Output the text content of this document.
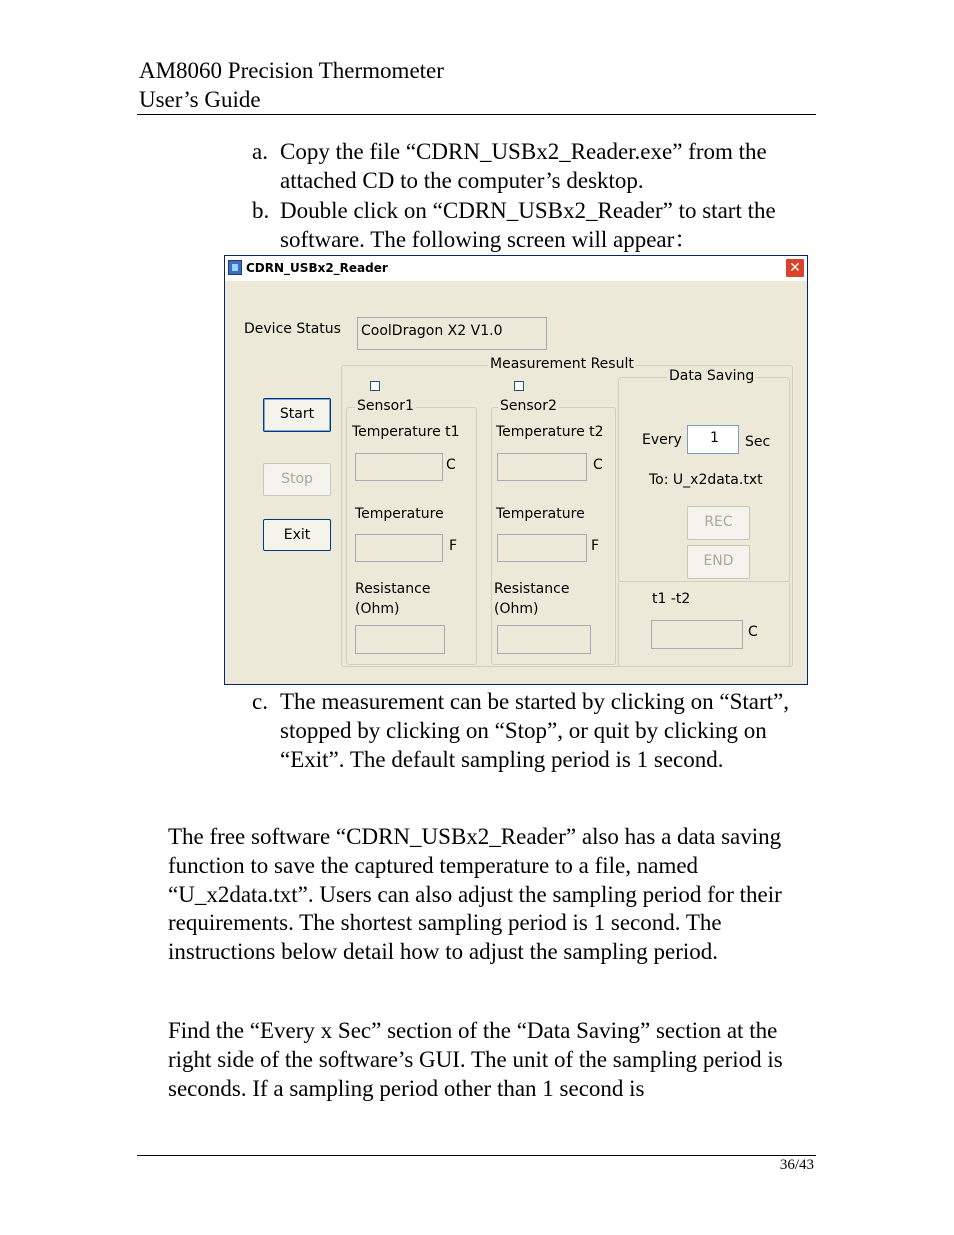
AM8060 Precision Thermometer
User’s Guide
a. Copy the file “CDRN_USBx2_Reader.exe” from the attached CD to the computer’s desktop.
b. Double click on “CDRN_USBx2_Reader” to start the software. The following screen will appear：
CDRN_USBx2_Reader	✕
Device Status CoolDragon X2 V1.0
Start
Stop
Exit
Measurement Result
Sensor1
Temperature t1
C
Temperature
F
Resistance
(Ohm)
Sensor2
Temperature t2
C
Temperature
F
Resistance
(Ohm)
Data Saving
Every 1 Sec
To: U_x2data.txt
REC
END
t1 -t2
C
c. The measurement can be started by clicking on “Start”, stopped by clicking on “Stop”, or quit by clicking on “Exit”. The default sampling period is 1 second.
The free software “CDRN_USBx2_Reader” also has a data saving function to save the captured temperature to a file, named “U_x2data.txt”. Users can also adjust the sampling period for their requirements. The shortest sampling period is 1 second. The instructions below detail how to adjust the sampling period.
Find the “Every x Sec” section of the “Data Saving” section at the right side of the software’s GUI. The unit of the sampling period is seconds. If a sampling period other than 1 second is
36/43
